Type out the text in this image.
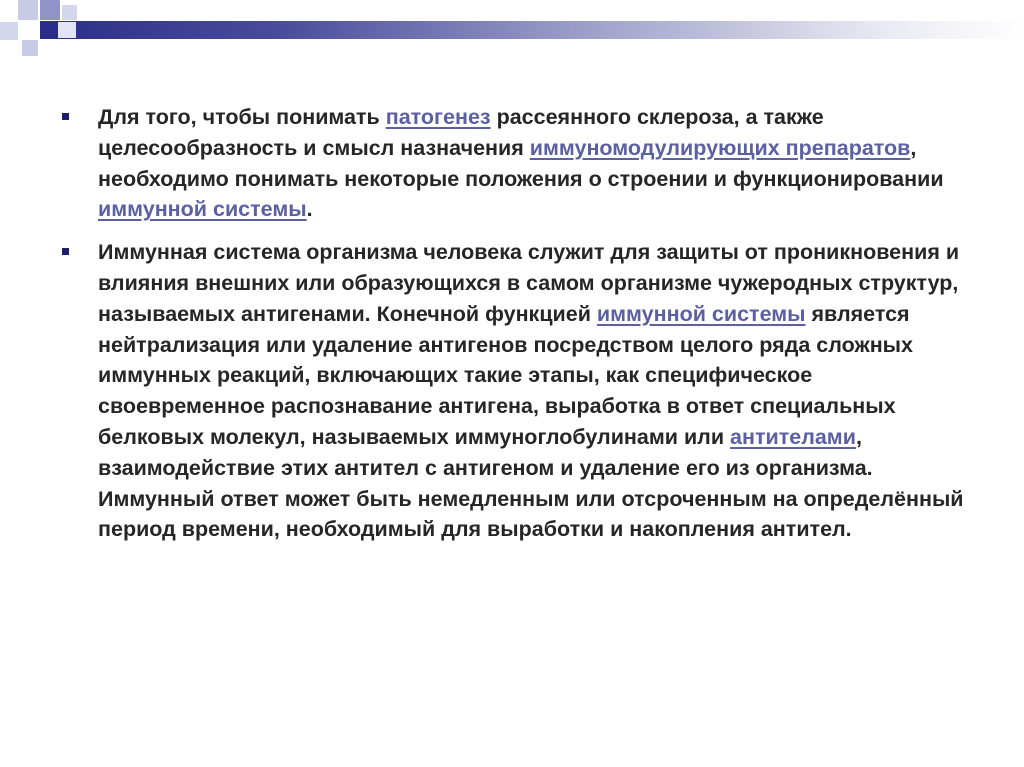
Для того, чтобы понимать патогенез рассеянного склероза, а также целесообразность и смысл назначения иммуномодулирующих препаратов, необходимо понимать некоторые положения о строении и функционировании иммунной системы.
Иммунная система организма человека служит для защиты от проникновения и влияния внешних или образующихся в самом организме чужеродных структур, называемых антигенами. Конечной функцией иммунной системы является нейтрализация или удаление антигенов посредством целого ряда сложных иммунных реакций, включающих такие этапы, как специфическое своевременное распознавание антигена, выработка в ответ специальных белковых молекул, называемых иммуноглобулинами или антителами, взаимодействие этих антител с антигеном и удаление его из организма. Иммунный ответ может быть немедленным или отсроченным на определённый период времени, необходимый для выработки и накопления антител.
